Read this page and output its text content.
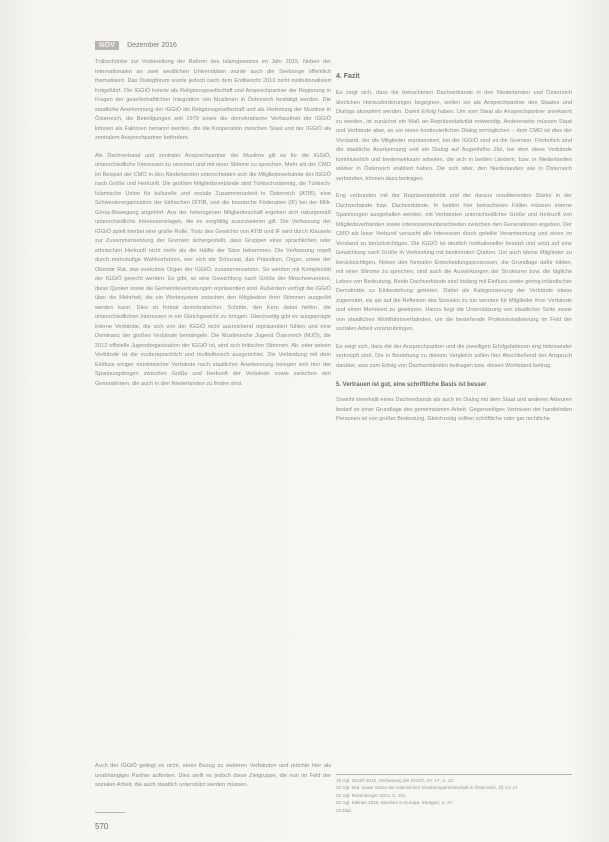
NOV	Dezember 2016

Träbschönbe zur Vorbereitung der Reform des Islamgesetzes im Jahr 2015. Neben der Internationalen an zwei westlichen Universitäten wurde auch die Seelsorge öffentlich thematisiert. Das Dialogforum wurde jedoch nach dem Endbericht 2013 nicht institutionalisiert fortgeführt. Die IGGiÖ konnte als Religionsgesellschaft und Ansprechpartner der Regierung in Fragen der gesellschaftlichen Integration von Muslimen in Österreich bestätigt werden. Die staatliche Anerkennung der IGGiÖ als Religionsgesellschaft und als Vertretung der Muslime in Österreich, die Beteiligungen seit 1979 sowie die demokratische Verfasstheit der IGGiÖ können als Faktoren benannt werden, die die Kooperation zwischen Staat und der IGGiÖ als zentralem Ansprechpartner befördern.

Als Dachverband und zentraler Ansprechpartner der Muslime gilt es für die IGGiÖ, unterschiedliche Interessen zu vereinen und mit einer Stimme zu sprechen. Mehr als der CMO im Beispiel der CMO in den Niederlanden unterscheiden sich die Mitgliedsverbände der IGGiÖ nach Größe und Herkunft. Die größten Mitgliedsverbände sind Türkischstämmig, die Türkisch-Islamische Union für kulturelle und soziale Zusammenarbeit in Österreich (ATIB), eine Schwesterorganisation der türkischen DİTİB, und die bosnische Föderation (IF) bei der Milli-Görüş-Bewegung angehört. Aus der heterogenen Mitgliederschaft ergeben sich naturgemäß unterschiedliche Interessenslagen, die es sorgfältig auszutarieren gilt. Die Verfassung der IGGiÖ spielt hierbei eine große Rolle. Trotz des Gewichts von ATIB und IF wird durch Klauseln zur Zusammensetzung der Gremien sichergestellt, dass Gruppen einer sprachlichen oder ethnischen Herkunft nicht mehr als die Hälfte der Sitze bekommen. Die Verfassung regelt durch mehrstufige Wahlverfahren, wer sich die Schuraat, das Präsidium, Organ, sowie der Oberste Rat, das exekutive Organ der IGGiÖ, zusammensetzen. So werden mit Komplexität der IGGiÖ gerecht werden. Es gibt, so eine Gewichtung nach Größe der Moscheevereine, diese Quoten sowie die Gemeindevertretungen repräsentiert sind. Außerdem verfügt die IGGiÖ über die Mehrheit, die ein Wertesystem zwischen den Mitgliedern ihrer Stimmen ausgeübt werden kann. Dies ist formal demokratischer. Schritte, den Kern dabei helfen, die unterschiedlichen Interessen in ein Gleichgewicht zu bringen. Gleichzeitig gibt es ausgeprägte interne Verbände, die sich von der IGGiÖ nicht ausreichend repräsentiert fühlen und eine Dominanz der großen Verbände bemängeln. Die Muslimische Jugend Österreich (MJÖ), die 2012 offizielle Jugendorganisation der IGGiÖ ist, sind sich kritischer Stimmen. Ab- oder seinen Verbände ist die muttersprachlich und multiethnisch ausgerichtet. Die Verbindung mit dem Einfluss einiger muslimischer Verbände nach staatlicher Anerkennung belegen sich hier der Spannungsbogen zwischen Größe und Herkunft der Verbände sowie zwischen den Generationen, die auch in den Niederlanden zu finden sind.

Auch der IGGiÖ gelingt es nicht, einen Bezug zu weiteren Verbänden und möchte hier als unabhängiger Partner auftreten. Dies stellt es jedoch diese Zielgruppe, die nun im Feld der sozialen Arbeit, die auch staatlich unterstützt werden müssen.
4. Fazit

Es zeigt sich, dass die betrachteten Dachverbände in den Niederlanden und Österreich ähnlichen Herausforderungen begegnen, wollen sie als Ansprechpartner des Staates und Dialogs akzeptiert werden. Damit Erfolg haben. Um vom Staat als Ansprechpartner anerkannt zu werden, ist zunächst ein Maß an Repräsentativität notwendig. Andererseits müssen Staat und Verbände aber, es um einen kontinuierlichen Dialog ermöglichen – dem CMO ist dies der Vorstand, der die Mitglieder repräsentiert, bei der IGGiÖ sind es die Gremien. Förderlich sind die staatliche Anerkennung und ein Dialog auf Augenhöhe Ziel, bei dem diese Verbände kontinuierlich und breitenwirksam arbeiten, die sich in beiden Ländern, bzw. in Niederlanden stärker in Österreich etabliert haben. Die sich aber, den Niederlanden wie in Österreich verbunden, können dazu beitragen.

Eng verbunden mit der Repräsentativität und der daraus resultierenden Stärke in der Dachverbände bzw. Dachverbände. In beiden hier betrachteten Fällen müssen interne Spannungen ausgehalten werden, mit Verbänden unterschiedlicher Größe und Herkunft von Mitgliedsverbänden sowie interessensunterschieden zwischen den Generationen ergeben. Der CMO als loser Verbund versucht alle Interessen durch geteilte Verantwortung und einen im Vorstand zu berücksichtigen. Die IGGiÖ ist deutlich institutioneller besetzt und setzt auf eine Gewichtung nach Größe in Verbindung mit bestimmten Quoten. Um auch kleine Mitglieder zu berücksichtigen. Neben den formalen Entscheidungsprozessen, die Grundlage dafür bilden, mit einer Stimme zu sprechen, sind auch die Auswirkungen der Strukturen bzw. die tägliche Leben von Bedeutung. Beide Dachverbände sind bislang mit Einfluss sowie gering inländischer Demokratie zu Einbeziehung getreten. Dabei als Kategorisierung der Verbände etwas zugemutet, sie als auf die Reflexion des Sozialen zu tun wenden für Mitglieder ihrer Verbände und einen Mehrwert zu gewinnen. Hierzu liegt die Unterstützung von staatlicher Seite sowie von staatlichen Wohlfahrtsverbänden, um die bestehende Professionalisierung im Feld der sozialen Arbeit voranzubringen.

Es zeigt sich, dass die der Ansprechpartner und die jeweiligen Erfolgsfaktoren eng miteinander verknüpft sind. Die in Beziehung zu diesem Vergleich sollen hier Abschließend der Anspruch darüber, was zum Erfolg von Dachverbänden beitragen bzw. diesen Wohlstand beitrag.

5. Vertrauen ist gut, eine schriftliche Basis ist besser

Sowohl innerhalb eines Dachverbands als auch im Dialog mit dem Staat und anderen Akteuren bedarf es einer Grundlage des gemeinsamen Arbeit. Gegenseitiges Vertrauen der handelnden Personen ist von großer Bedeutung. Gleichzeitig sollten schriftliche oder gar rechtliche

19 Vgl. IGGiÖ 2015, Verfassung der IGGiÖ, Art. 17, S. 12.
20 Vgl. ebd. sowie Statut der Islamischen Glaubensgemeinschaft in Österreich, §§ 14–17.
21 Vgl. Rosenberger 2013, S. 161.
22 Vgl. Kleinan 2016, Muslime in Europa, Stuttgart, S. 27.
23 Ebd.
570
